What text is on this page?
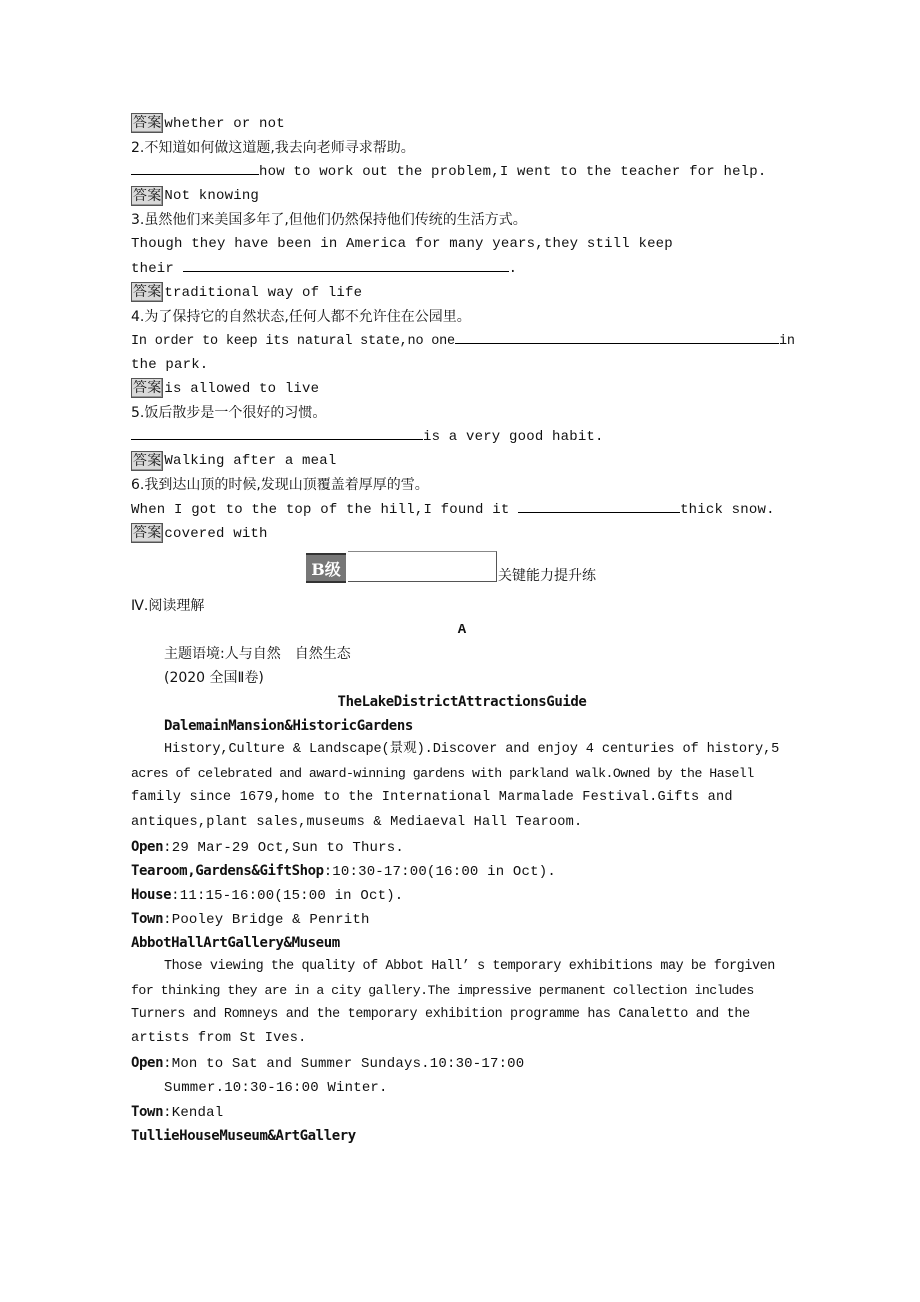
答案 whether or not
2.不知道如何做这道题,我去向老师寻求帮助。
how to work out the problem,I went to the teacher for help.
答案 Not knowing
3.虽然他们来美国多年了,但他们仍然保持他们传统的生活方式。
Though they have been in America for many years,they still keep
their	.
答案 traditional way of life
4.为了保持它的自然状态,任何人都不允许住在公园里。
In order to keep its natural state,no one	in
the park.
答案 is allowed to live
5.饭后散步是一个很好的习惯。
is a very good habit.
答案 Walking after a meal
6.我到达山顶的时候,发现山顶覆盖着厚厚的雪。
When I got to the top of the hill,I found it	thick snow.
答案 covered with
Ⅳ.阅读理解
A
主题语境:人与自然　自然生态
(2020 全国Ⅱ卷)
TheLakeDistrictAttractionsGuide
DalemainMansion&HistoricGardens
History,Culture & Landscape(景观).Discover and enjoy 4 centuries of history,5
acres of celebrated and award-winning gardens with parkland walk.Owned by the Hasell
family since 1679,home to the International Marmalade Festival.Gifts and
antiques,plant sales,museums & Mediaeval Hall Tearoom.
Open:29 Mar-29 Oct,Sun to Thurs.
Tearoom,Gardens&GiftShop:10:30-17:00(16:00 in Oct).
House:11:15-16:00(15:00 in Oct).
Town:Pooley Bridge & Penrith
AbbotHallArtGallery&Museum
Those viewing the quality of Abbot Hall’ s temporary exhibitions may be forgiven
for thinking they are in a city gallery.The impressive permanent collection includes
Turners and Romneys and the temporary exhibition programme has Canaletto and the
artists from St Ives.
Open:Mon to Sat and Summer Sundays.10:30-17:00
Summer.10:30-16:00 Winter.
Town:Kendal
TullieHouseMuseum&ArtGallery
B级	关键能力提升练
